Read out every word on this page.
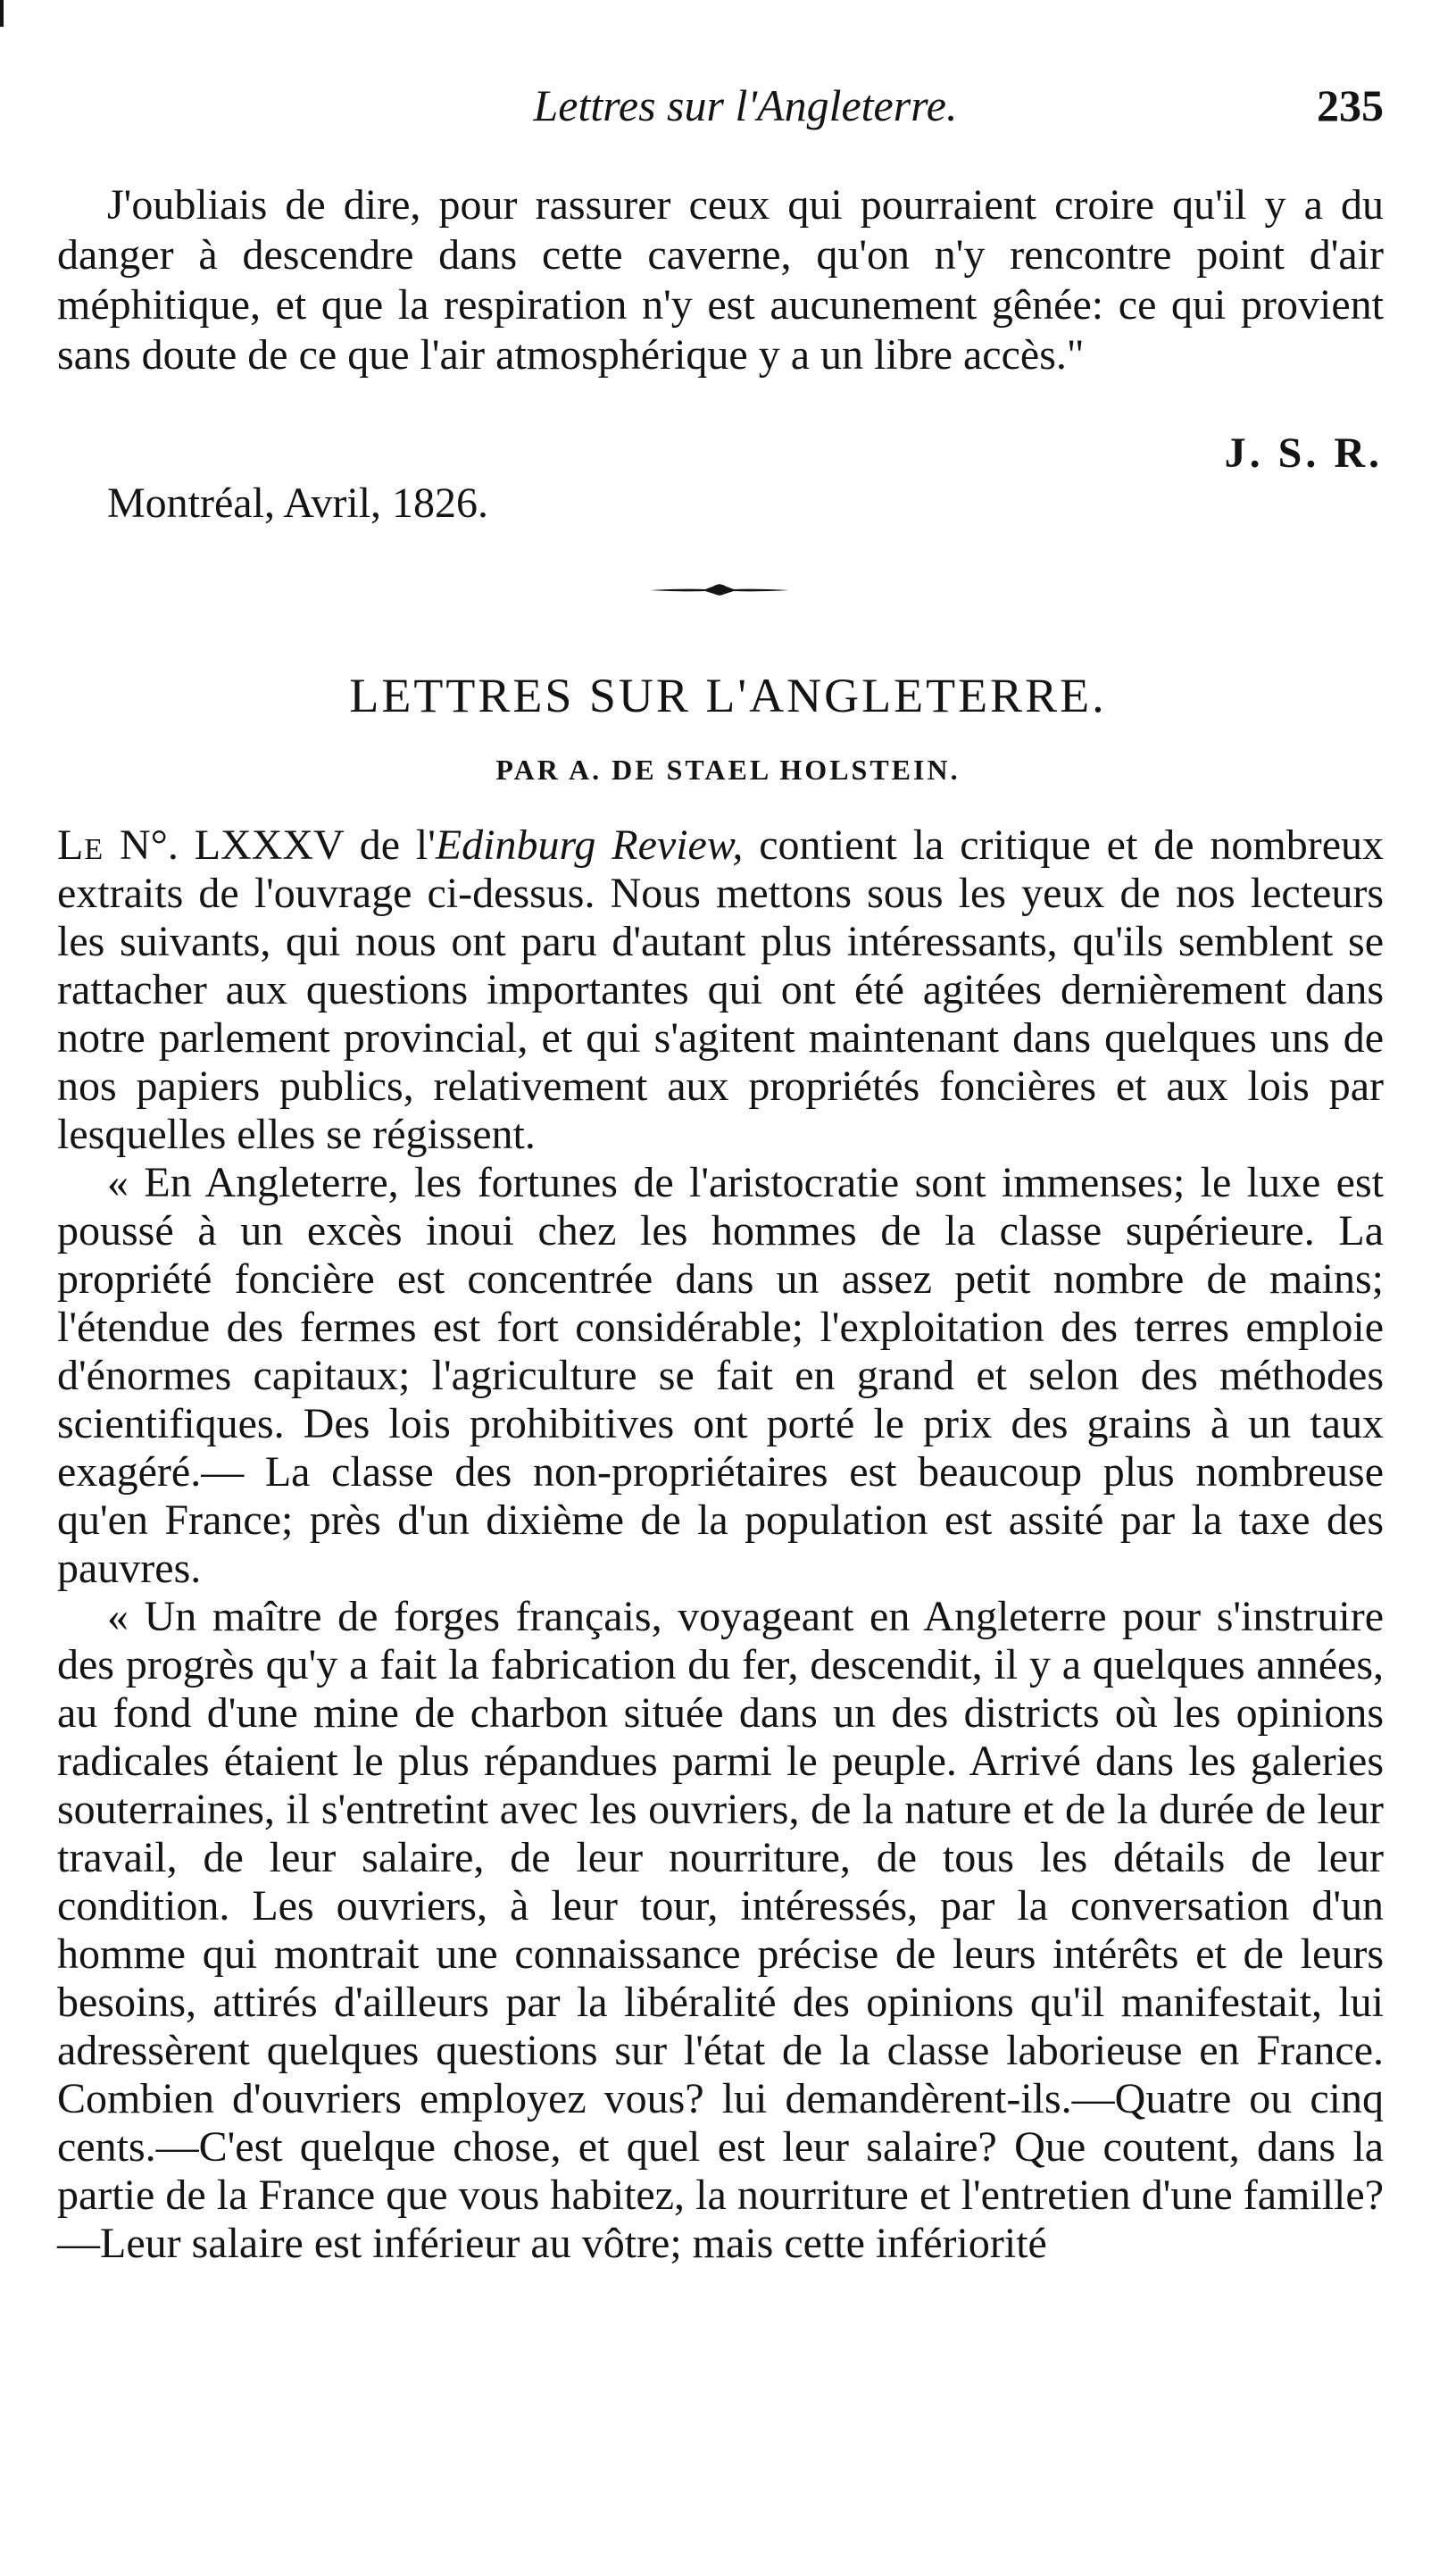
Lettres sur l'Angleterre.	235
J'oubliais de dire, pour rassurer ceux qui pourraient croire qu'il y a du danger à descendre dans cette caverne, qu'on n'y rencontre point d'air méphitique, et que la respiration n'y est aucunement gênée: ce qui provient sans doute de ce que l'air atmosphérique y a un libre accès."
J. S. R.
Montréal, Avril, 1826.
LETTRES SUR L'ANGLETERRE.
PAR A. DE STAEL HOLSTEIN.

Le N°. LXXXV de l'Edinburg Review, contient la critique et de nombreux extraits de l'ouvrage ci-dessus. Nous mettons sous les yeux de nos lecteurs les suivants, qui nous ont paru d'autant plus intéressants, qu'ils semblent se rattacher aux questions importantes qui ont été agitées dernièrement dans notre parlement provincial, et qui s'agitent maintenant dans quelques uns de nos papiers publics, relativement aux propriétés foncières et aux lois par lesquelles elles se régissent.

« En Angleterre, les fortunes de l'aristocratie sont immenses; le luxe est poussé à un excès inoui chez les hommes de la classe supérieure. La propriété foncière est concentrée dans un assez petit nombre de mains; l'étendue des fermes est fort considérable; l'exploitation des terres emploie d'énormes capitaux; l'agriculture se fait en grand et selon des méthodes scientifiques. Des lois prohibitives ont porté le prix des grains à un taux exagéré.— La classe des non-propriétaires est beaucoup plus nombreuse qu'en France; près d'un dixième de la population est assité par la taxe des pauvres.

« Un maître de forges français, voyageant en Angleterre pour s'instruire des progrès qu'y a fait la fabrication du fer, descendit, il y a quelques années, au fond d'une mine de charbon située dans un des districts où les opinions radicales étaient le plus répandues parmi le peuple. Arrivé dans les galeries souterraines, il s'entretint avec les ouvriers, de la nature et de la durée de leur travail, de leur salaire, de leur nourriture, de tous les détails de leur condition. Les ouvriers, à leur tour, intéressés, par la conversation d'un homme qui montrait une connaissance précise de leurs intérêts et de leurs besoins, attirés d'ailleurs par la libéralité des opinions qu'il manifestait, lui adressèrent quelques questions sur l'état de la classe laborieuse en France. Combien d'ouvriers employez vous? lui demandèrent-ils.—Quatre ou cinq cents.—C'est quelque chose, et quel est leur salaire? Que coutent, dans la partie de la France que vous habitez, la nourriture et l'entretien d'une famille?—Leur salaire est inférieur au vôtre; mais cette infériorité
